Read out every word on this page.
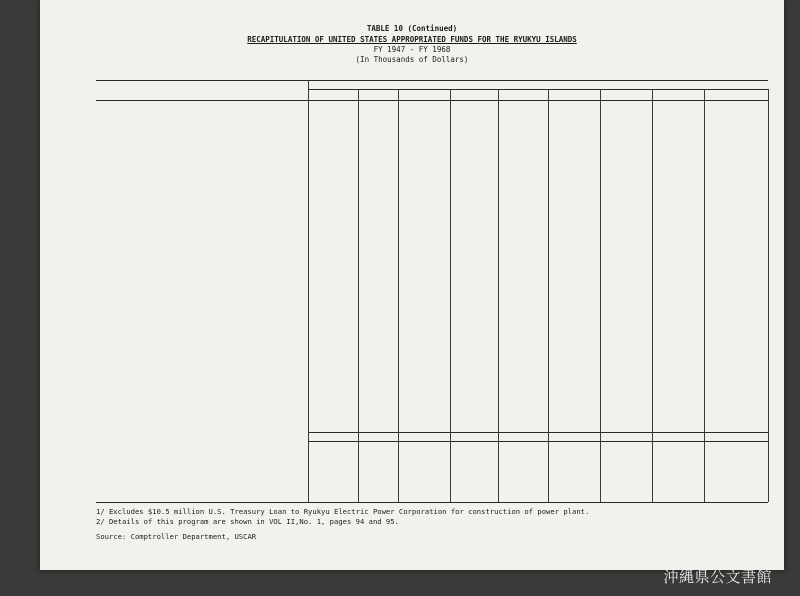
TABLE 10 (Continued)
RECAPITULATION OF UNITED STATES APPROPRIATED FUNDS FOR THE RYUKYU ISLANDS
FY 1947 - FY 1968
(In Thousands of Dollars)
1/ Excludes $10.5 million U.S. Treasury Loan to Ryukyu Electric Power Corporation for construction of power plant.
2/ Details of this program are shown in VOL II,No. 1, pages 94 and 95.
Source: Comptroller Department, USCAR
沖縄県公文書館
